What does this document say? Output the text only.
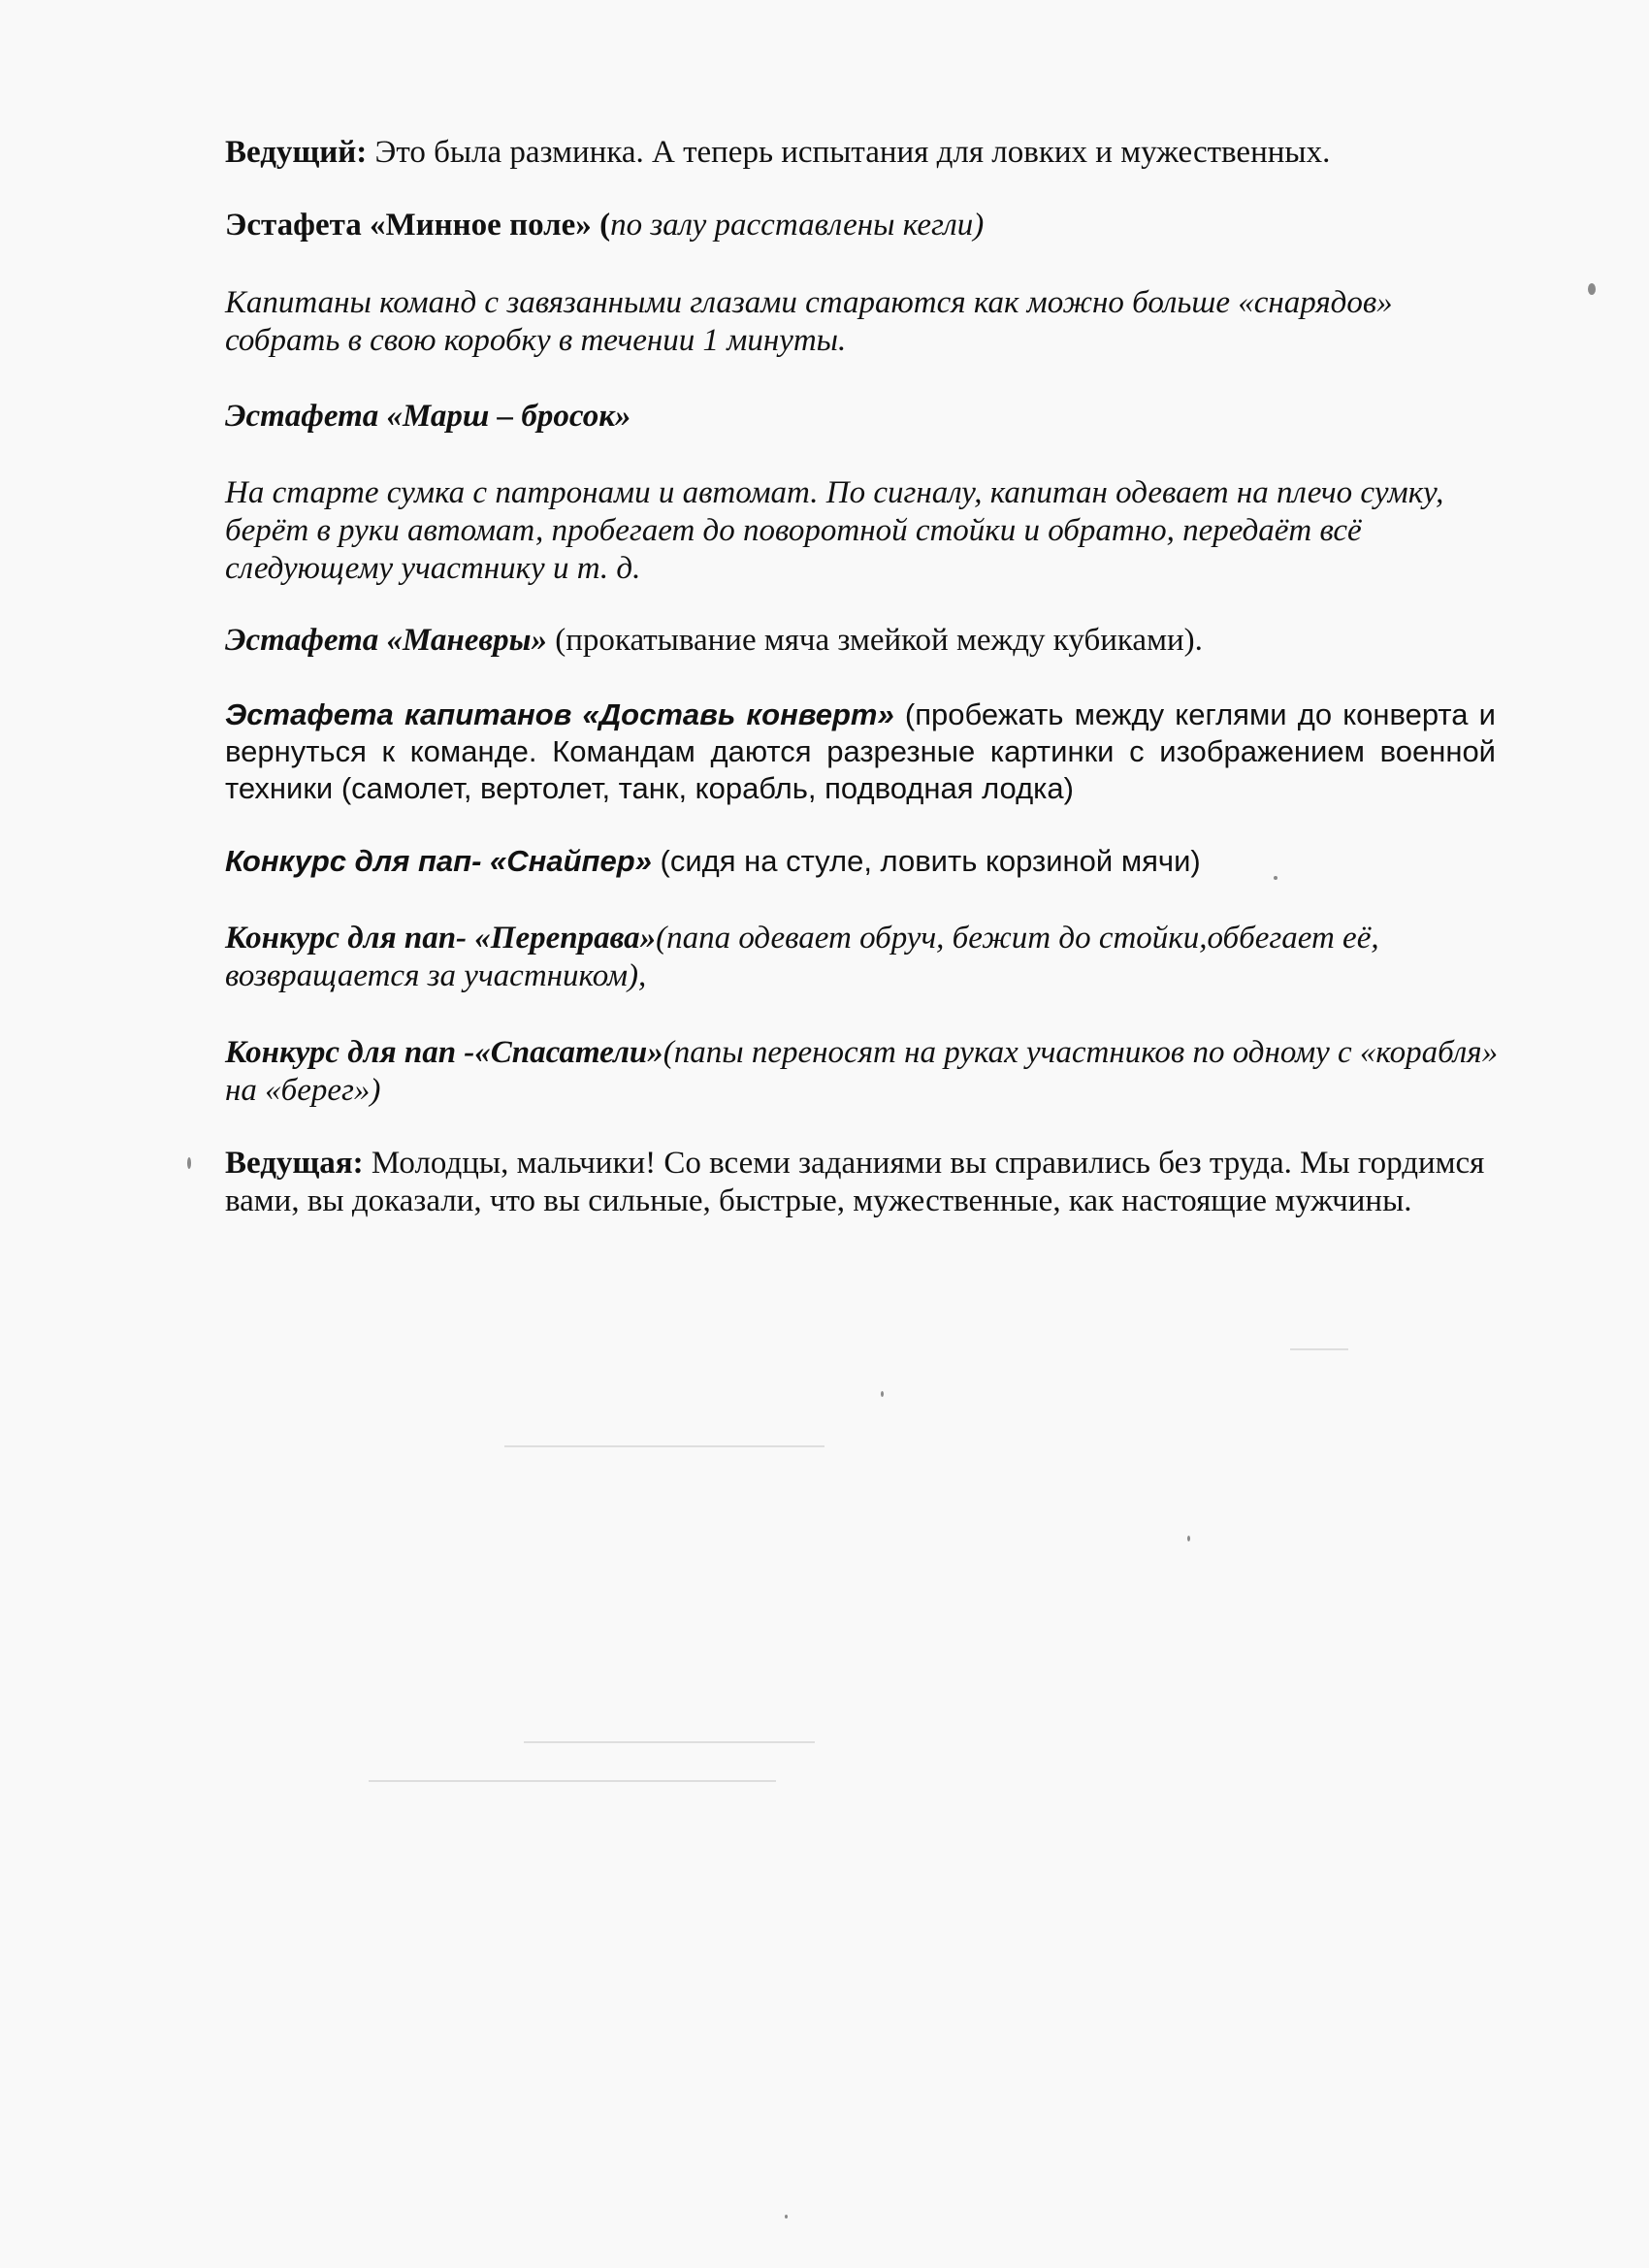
Ведущий: Это была разминка. А теперь испытания для ловких и мужественных.

Эстафета «Минное поле» (по залу расставлены кегли)

Капитаны команд с завязанными глазами стараются как можно больше «снарядов» собрать в свою коробку в течении 1 минуты.

Эстафета «Марш – бросок»

На старте сумка с патронами и автомат. По сигналу, капитан одевает на плечо сумку, берёт в руки автомат, пробегает до поворотной стойки и обратно, передаёт всё следующему участнику и т. д.

Эстафета «Маневры» (прокатывание мяча змейкой между кубиками).

Эстафета капитанов «Доставь конверт» (пробежать между кеглями до конверта и вернуться к команде. Командам даются разрезные картинки с изображением военной техники (самолет, вертолет, танк, корабль, подводная лодка)

Конкурс для пап- «Снайпер» (сидя на стуле, ловить корзиной мячи)

Конкурс для пап- «Переправа»(папа одевает обруч, бежит до стойки,оббегает её, возвращается за участником),

Конкурс для пап -«Спасатели»(папы переносят на руках участников по одному с «корабля» на «берег»)

Ведущая: Молодцы, мальчики! Со всеми заданиями вы справились без труда. Мы гордимся вами, вы доказали, что вы сильные, быстрые, мужественные, как настоящие мужчины.
